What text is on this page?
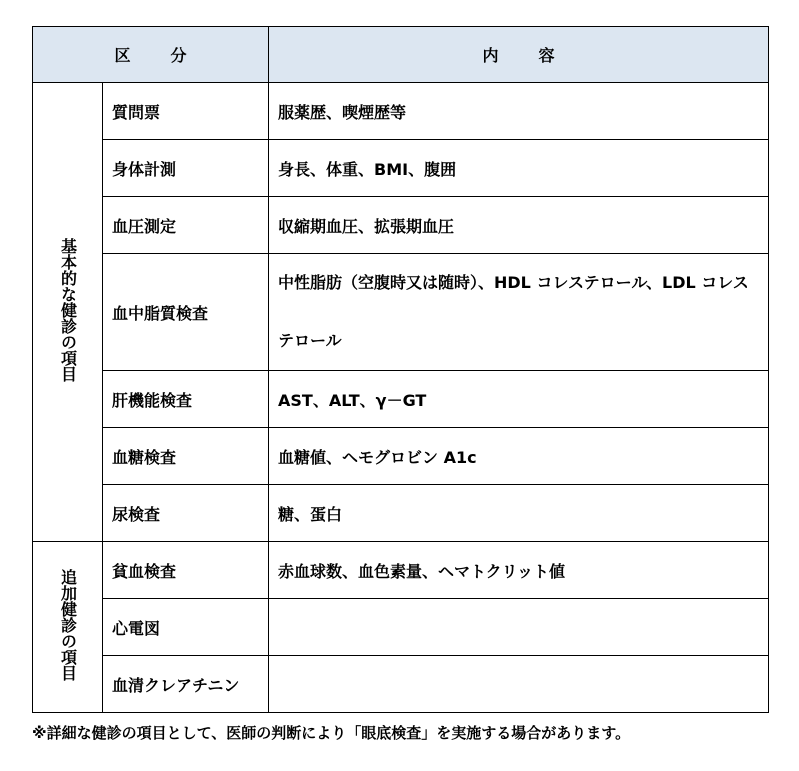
区 分		内 容
基本的な健診の項目	質問票	服薬歴、喫煙歴等
	身体計測	身長、体重、BMI、腹囲
	血圧測定	収縮期血圧、拡張期血圧
	血中脂質検査	中性脂肪（空腹時又は随時）、HDL コレステロール、LDL コレステロール
	肝機能検査	AST、ALT、γ－GT
	血糖検査	血糖値、ヘモグロビン A1c
	尿検査	糖、蛋白
追加健診の項目	貧血検査	赤血球数、血色素量、ヘマトクリット値
	心電図	
	血清クレアチニン	
※詳細な健診の項目として、医師の判断により「眼底検査」を実施する場合があります。
